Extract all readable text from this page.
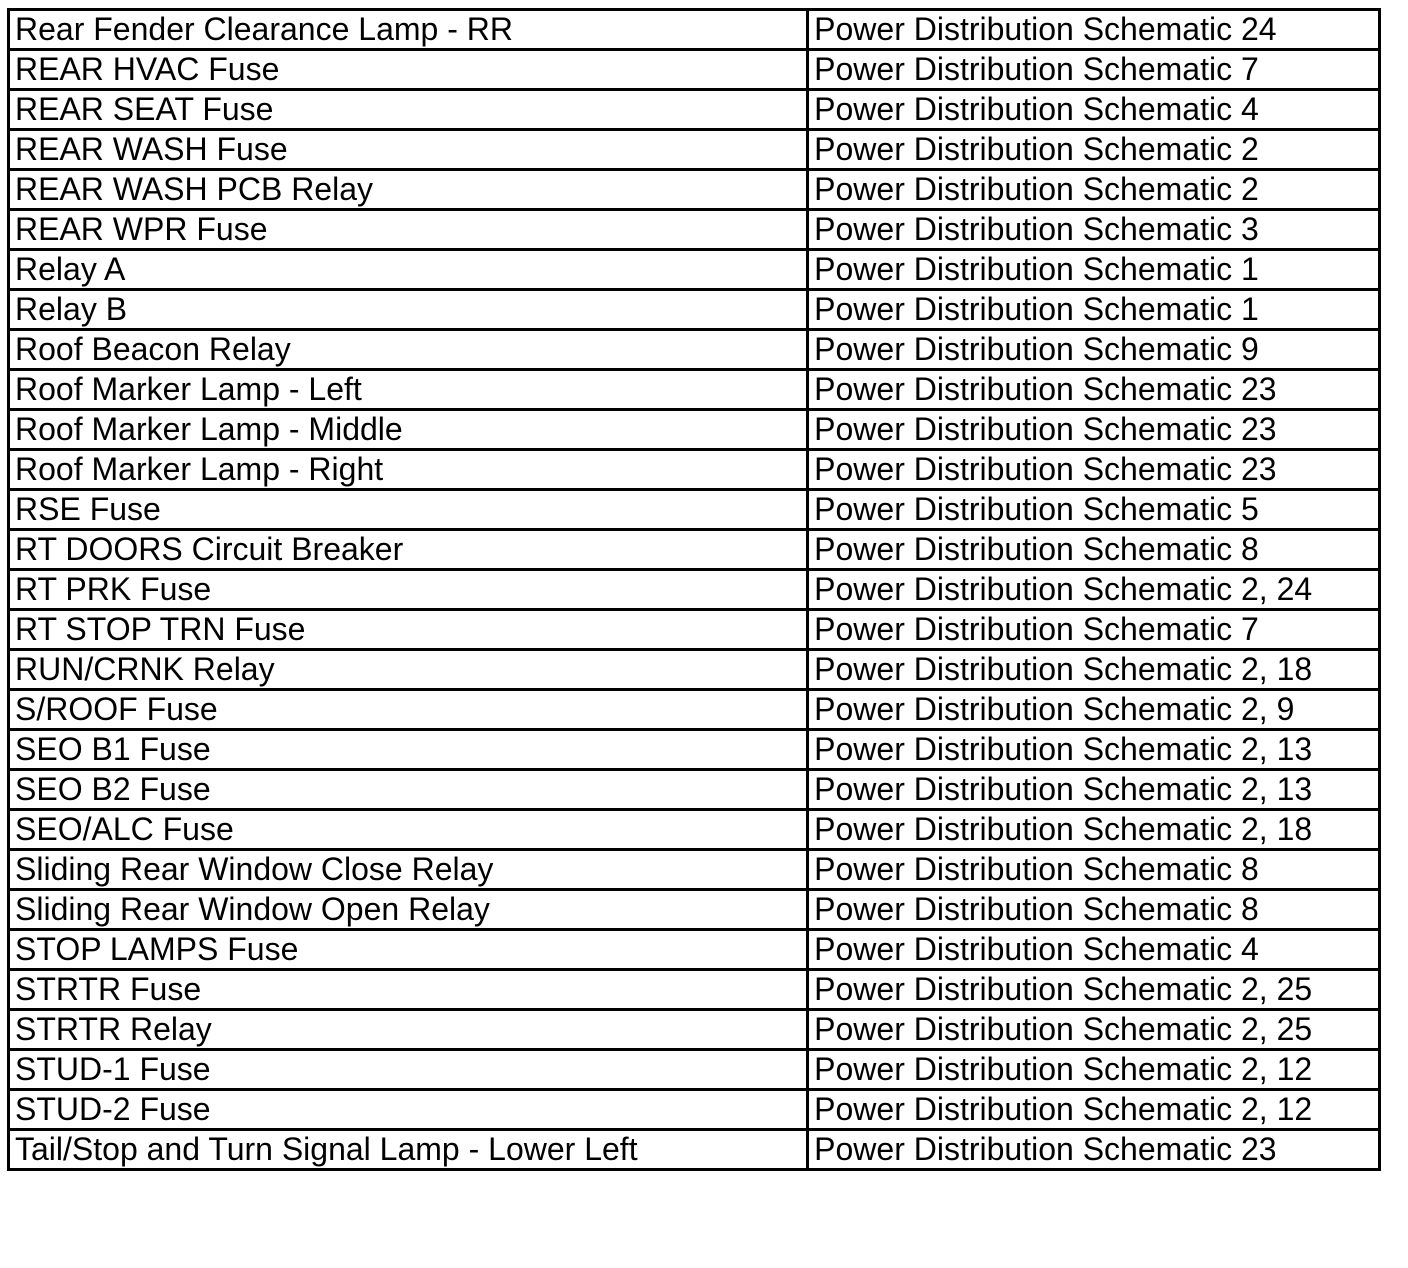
Rear Fender Clearance Lamp - RR	Power Distribution Schematic 24
REAR HVAC Fuse	Power Distribution Schematic 7
REAR SEAT Fuse	Power Distribution Schematic 4
REAR WASH Fuse	Power Distribution Schematic 2
REAR WASH PCB Relay	Power Distribution Schematic 2
REAR WPR Fuse	Power Distribution Schematic 3
Relay A	Power Distribution Schematic 1
Relay B	Power Distribution Schematic 1
Roof Beacon Relay	Power Distribution Schematic 9
Roof Marker Lamp - Left	Power Distribution Schematic 23
Roof Marker Lamp - Middle	Power Distribution Schematic 23
Roof Marker Lamp - Right	Power Distribution Schematic 23
RSE Fuse	Power Distribution Schematic 5
RT DOORS Circuit Breaker	Power Distribution Schematic 8
RT PRK Fuse	Power Distribution Schematic 2, 24
RT STOP TRN Fuse	Power Distribution Schematic 7
RUN/CRNK Relay	Power Distribution Schematic 2, 18
S/ROOF Fuse	Power Distribution Schematic 2, 9
SEO B1 Fuse	Power Distribution Schematic 2, 13
SEO B2 Fuse	Power Distribution Schematic 2, 13
SEO/ALC Fuse	Power Distribution Schematic 2, 18
Sliding Rear Window Close Relay	Power Distribution Schematic 8
Sliding Rear Window Open Relay	Power Distribution Schematic 8
STOP LAMPS Fuse	Power Distribution Schematic 4
STRTR Fuse	Power Distribution Schematic 2, 25
STRTR Relay	Power Distribution Schematic 2, 25
STUD-1 Fuse	Power Distribution Schematic 2, 12
STUD-2 Fuse	Power Distribution Schematic 2, 12
Tail/Stop and Turn Signal Lamp - Lower Left	Power Distribution Schematic 23
